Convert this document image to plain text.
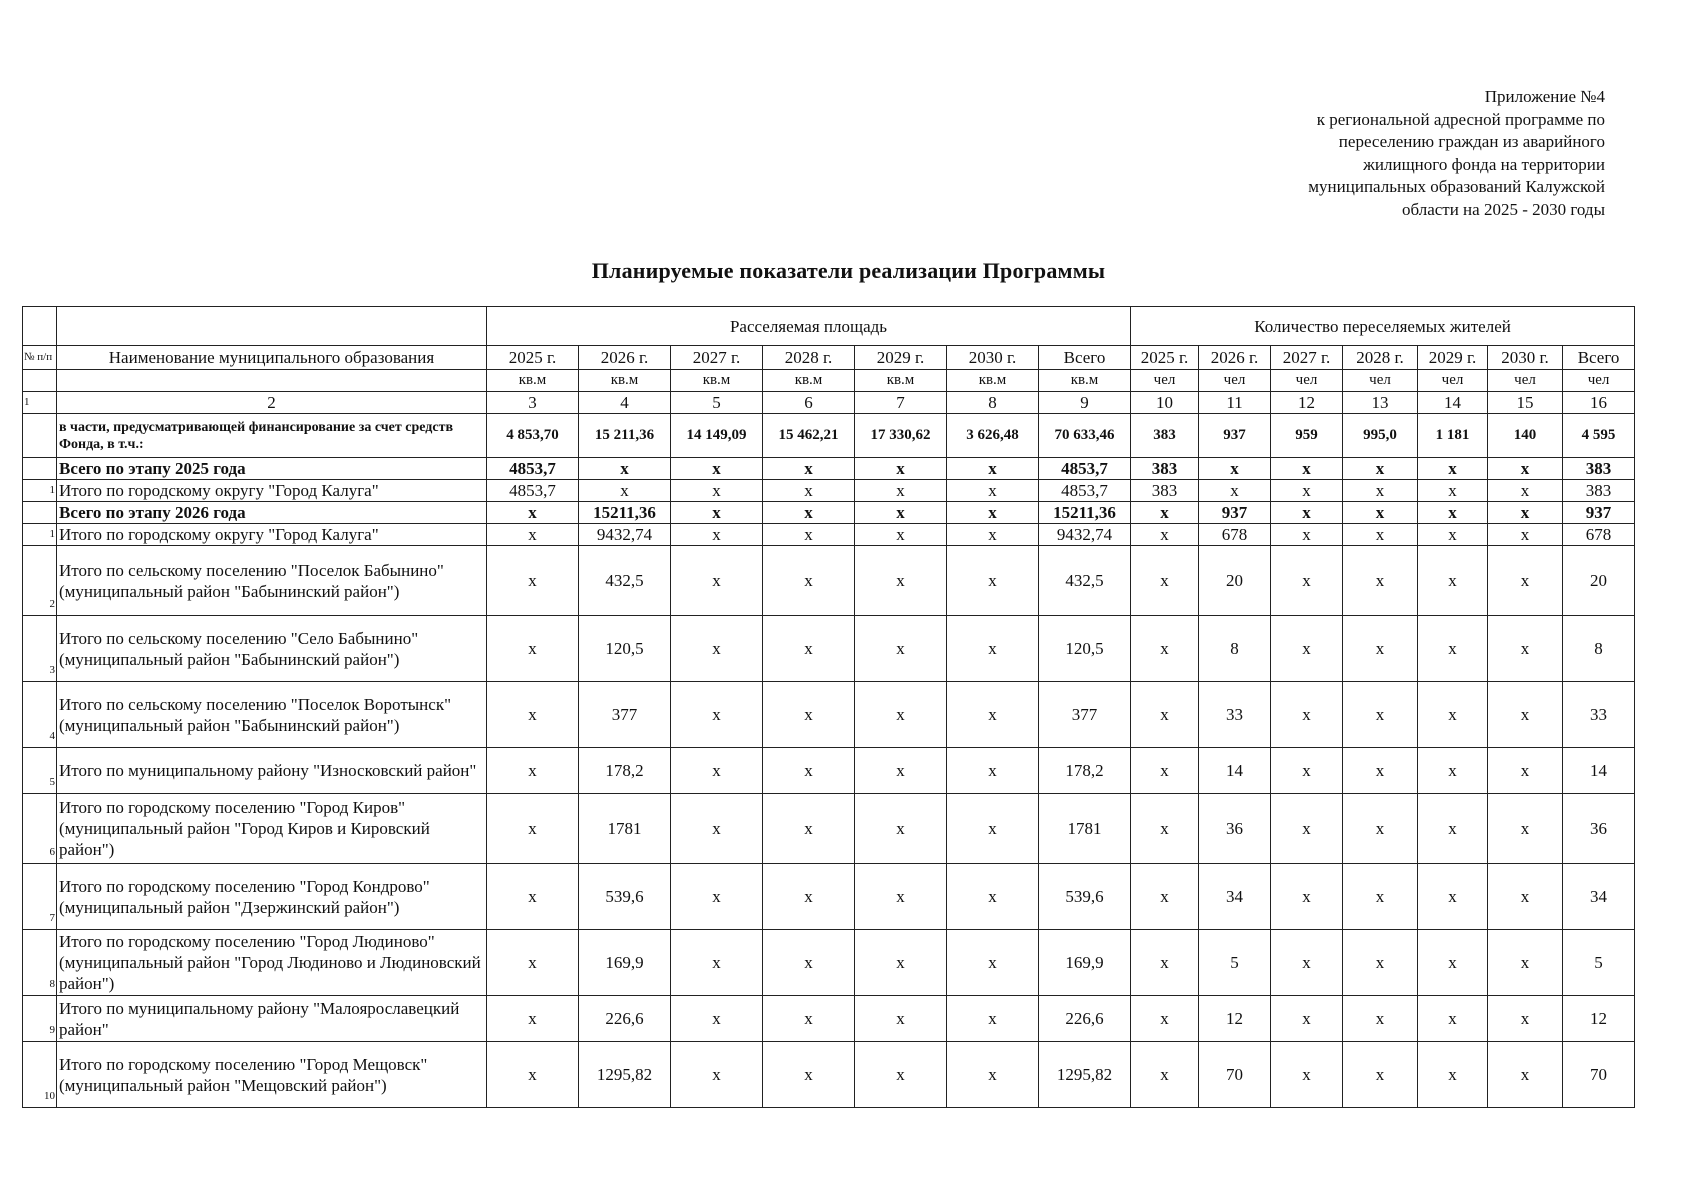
Приложение №4
к региональной адресной программе по
переселению граждан из аварийного
жилищного фонда на территории
муниципальных образований Калужской
области на 2025 - 2030 годы
Планируемые показатели реализации Программы
		Расселяемая площадь							Количество переселяемых жителей						
№ п/п	Наименование муниципального образования	2025 г.	2026 г.	2027 г.	2028 г.	2029 г.	2030 г.	Всего	2025 г.	2026 г.	2027 г.	2028 г.	2029 г.	2030 г.	Всего
		кв.м	кв.м	кв.м	кв.м	кв.м	кв.м	кв.м	чел	чел	чел	чел	чел	чел	чел
1	2	3	4	5	6	7	8	9	10	11	12	13	14	15	16
	в части, предусматривающей финансирование за счет средств Фонда, в т.ч.:	4 853,70	15 211,36	14 149,09	15 462,21	17 330,62	3 626,48	70 633,46	383	937	959	995,0	1 181	140	4 595
	Всего по этапу 2025 года	4853,7	х	х	х	х	х	4853,7	383	х	х	х	х	х	383
1	Итого по городскому округу "Город Калуга"	4853,7	х	х	х	х	х	4853,7	383	х	х	х	х	х	383
	Всего по этапу 2026 года	х	15211,36	х	х	х	х	15211,36	х	937	х	х	х	х	937
1	Итого по городскому округу "Город Калуга"	х	9432,74	х	х	х	х	9432,74	х	678	х	х	х	х	678
2	Итого по сельскому поселению "Поселок Бабынино" (муниципальный район "Бабынинский район")	х	432,5	х	х	х	х	432,5	х	20	х	х	х	х	20
3	Итого по сельскому поселению "Село Бабынино" (муниципальный район "Бабынинский район")	х	120,5	х	х	х	х	120,5	х	8	х	х	х	х	8
4	Итого по сельскому поселению "Поселок Воротынск" (муниципальный район "Бабынинский район")	х	377	х	х	х	х	377	х	33	х	х	х	х	33
5	Итого по муниципальному району "Износковский район"	х	178,2	х	х	х	х	178,2	х	14	х	х	х	х	14
6	Итого по городскому поселению "Город Киров" (муниципальный район "Город Киров и Кировский район")	х	1781	х	х	х	х	1781	х	36	х	х	х	х	36
7	Итого по городскому поселению "Город Кондрово" (муниципальный район "Дзержинский район")	х	539,6	х	х	х	х	539,6	х	34	х	х	х	х	34
8	Итого по городскому поселению "Город Людиново" (муниципальный район "Город Людиново и Людиновский район")	х	169,9	х	х	х	х	169,9	х	5	х	х	х	х	5
9	Итого по муниципальному району "Малоярославецкий район"	х	226,6	х	х	х	х	226,6	х	12	х	х	х	х	12
10	Итого по городскому поселению "Город Мещовск" (муниципальный район "Мещовский район")	х	1295,82	х	х	х	х	1295,82	х	70	х	х	х	х	70
